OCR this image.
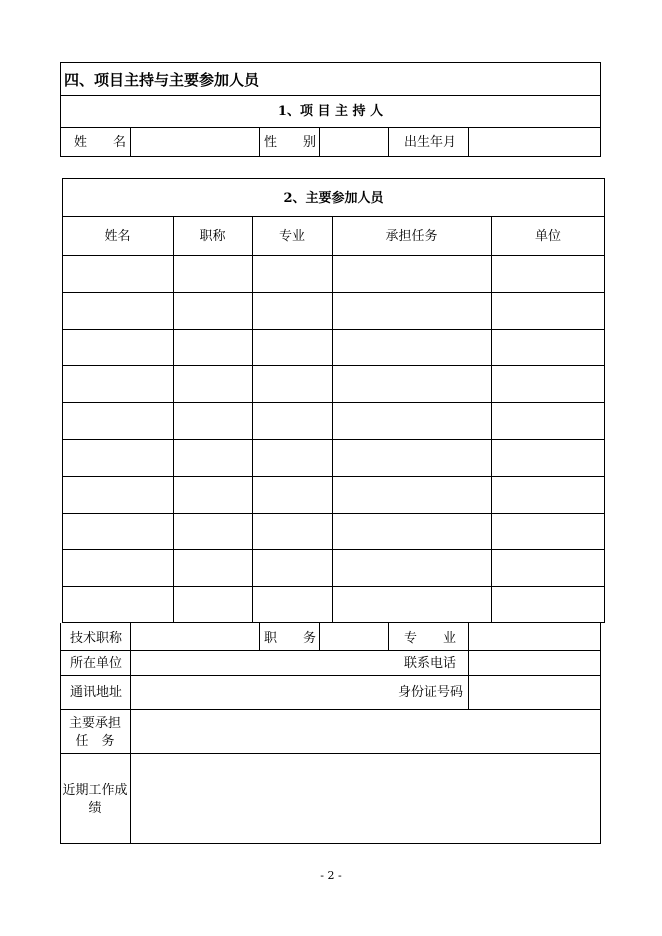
四、项目主持与主要参加人员
1、项 目 主 持 人
姓　　名	性　　别	出生年月
2、主要参加人员
姓名	职称	专业	承担任务	单位
技术职称	职　　务	专　　业
所在单位	联系电话
通讯地址	身份证号码
主要承担
任　务
近期工作成绩
- 2 -
